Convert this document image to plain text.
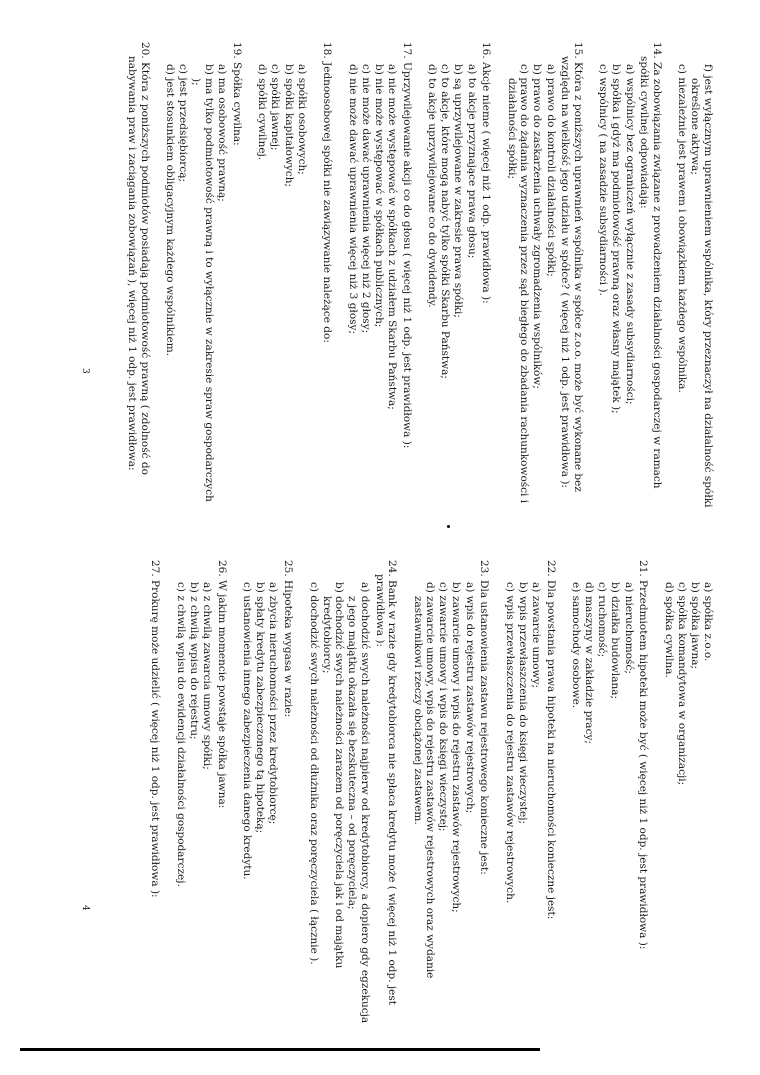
f) jest wyłącznym uprawnieniem wspólnika, który przeznaczył na działalność spółki określone aktywa;
c) niezależnie jest prawem i obowiązkiem każdego wspólnika.
14. Za zobowiązania związane z prowadzeniem działalności gospodarczej w ramach spółki cywilnej odpowiadają:
a) wspólnicy bez ograniczeń wyłącznie z zasady subsydiarności;
b) spółka i gdyż ma podmiotowość prawną oraz własny majątek );
c) wspólnicy ( na zasadzie subsydiarności ).
15. Która z poniższych uprawnień wspólnika w spółce z.o.o. może być wykonane bez względu na wielkość jego udziału w spółce? ( więcej niż 1 odp. jest prawidłowa ):
a) prawo do kontroli działalności spółki;
b) prawo do zaskarżenia uchwały zgromadzenia wspólników;
c) prawo do żądania wyznaczenia przez sąd biegłego do zbadania rachunkowości i działalności spółki;
16. Akcje nieme ( więcej niż 1 odp. prawidłowa ):
a) to akcje przyznające prawa głosu;
b) są uprzywilejowane w zakresie prawa spółki;
c) to akcje, które mogą nabyć tylko spółki Skarbu Państwa;
d) to akcje uprzywilejowane co do dywidendy.
17. Uprzywilejowanie akcji co do głosu ( więcej niż 1 odp. jest prawidłowa ):
a) nie może występować w spółkach z udziałem Skarbu Państwa;
b) nie może występować w spółkach publicznych;
c) nie może dawać uprawnienia więcej niż 2 głosy;
d) nie może dawać uprawnienia więcej niż 3 głosy;
18. Jednoosobowej spółki nie zawiązywanie należące do:
a) spółki osobowych;
b) spółki kapitałowych;
c) spółki jawnej;
d) spółki cywilnej.
19. Spółka cywilna:
a) ma osobowość prawną;
b) ma tylko podmiotowość prawną i to wyłącznie w zakresie spraw gospodarczych );
c) jest przedsiębiorcą;
d) jest stosunkiem obligacyjnym każdego wspólnikiem.
20. Która z poniższych podmiotów posiadają podmiotowość prawną ( zdolność do nabywania praw i zaciągania zobowiązań ), więcej niż 1 odp. jest prawidłowa:
a) spółka z.o.o.
b) spółka jawna;
c) spółka komandytowa w organizacji;
d) spółka cywilna.
21. Przedmiotem hipoteki może być ( więcej niż 1 odp. jest prawidłowa ):
a) nieruchomość;
b) działka budowlana;
c) ruchomość;
d) maszyny w zakładzie pracy;
e) samochody osobowe.
22. Dla powstania prawa hipoteki na nieruchomości konieczne jest:
a) zawarcie umowy;
b) wpis przewłaszczenia do księgi wieczystej;
c) wpis przewłaszczenia do rejestru zastawów rejestrowych.
23. Dla ustanowienia zastawu rejestrowego konieczne jest:
a) wpis do rejestru zastawów rejestrowych;
b) zawarcie umowy i wpis do rejestru zastawów rejestrowych;
c) zawarcie umowy i wpis do księgi wieczystej;
d) zawarcie umowy, wpis do rejestru zastawów rejestrowych oraz wydanie zastawnikowi rzeczy obciążonej zastawem.
24. Bank w razie gdy kredytobiorca nie spłaca kredytu może ( więcej niż 1 odp. jest prawidłowa ):
a) dochodzić swych należności najpierw od kredytobiorcy, a dopiero gdy egzekucja z jego majątku okazała się bezskuteczna – od poręczyciela;
b) dochodzić swych należności zarazem od poręczyciela jak i od majątku kredytobiorcy;
c) dochodzić swych należności od dłużnika oraz poręczyciela ( łącznie ).
25. Hipoteka wygasa w razie:
a) zbycia nieruchomości przez kredytobiorcę;
b) spłaty kredytu zabezpieczonego tą hipoteką;
c) ustanowienia innego zabezpieczenia danego kredytu.
26. W jakim momencie powstaje spółka jawna:
a) z chwilą zawarcia umowy spółki;
b) z chwilą wpisu do rejestru;
c) z chwilą wpisu do ewidencji działalności gospodarczej.
27. Prokurę może udzielić ( więcej niż 1 odp. jest prawidłowa ):
3
4
